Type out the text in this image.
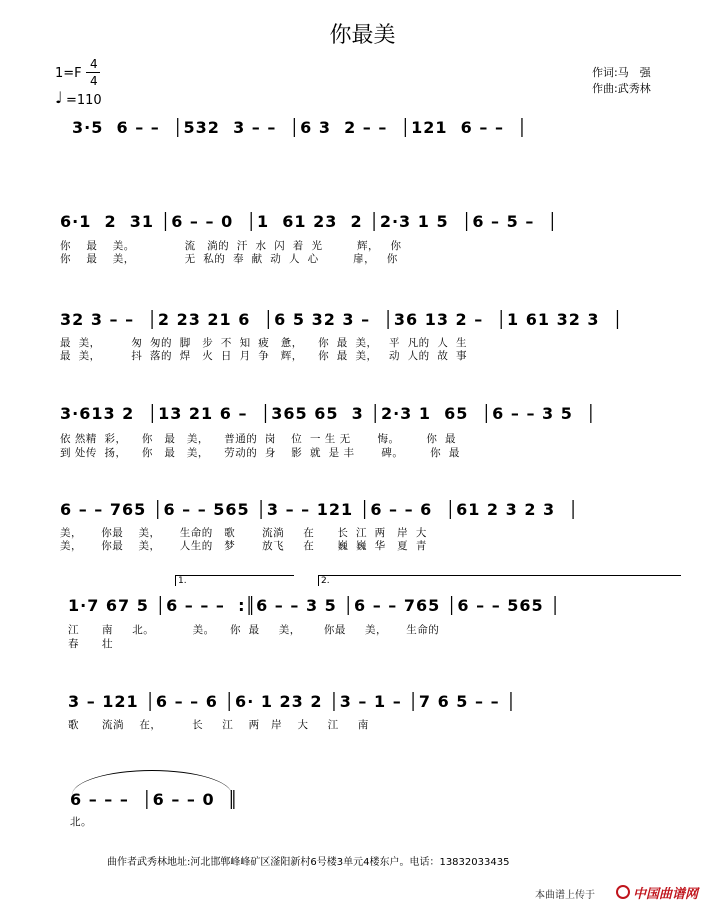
你最美
1=F
4
4
♩ =110
作词:马　强
作曲:武秀林
3·5  6 – –  │532  3 – –  │6 3  2 – –  │121  6 – –  │
6·1  2  31 │6 – – 0  │1  61 23  2 │2·3 1 5  │6 – 5 –  │
你    最    美。             流   淌的  汗  水  闪  着  光         辉，   你
你    最    美，             无  私的  奉  献  动  人  心         扉，   你
32 3 – –  │2 23 21 6  │6 5 32 3 –  │36 13 2 –  │1 61 32 3  │
最  美，        匆  匆的  脚   步  不  知  疲   惫，    你  最  美，   平  凡的  人  生
最  美，        抖  落的  焊   火  日  月  争   辉，    你  最  美，   动  人的  故  事
3·613 2  │13 21 6 –  │365 65  3 │2·3 1  65  │6 – – 3 5  │
依 然精  彩，    你   最   美，    普通的  岗    位  一 生 无       悔。       你  最
到 处传  扬，    你   最   美，    劳动的  身    影  就  是 丰       碑。       你  最
6 – – 765 │6 – – 565 │3 – – 121 │6 – – 6  │61 2 3 2 3  │
美，     你最    美，     生命的   歌       流淌     在      长  江  两   岸  大
美，     你最    美，     人生的   梦       放飞     在      巍  巍  华   夏  青
1.	2.
1·7 67 5 │6 – – –  :║6 – – 3 5 │6 – – 765 │6 – – 565 │
江      南     北。          美。    你  最     美，      你最     美，     生命的
春      壮
3 – 121 │6 – – 6 │6· 1 23 2 │3 – 1 – │7 6 5 – – │
歌      流淌    在，        长     江    两   岸    大     江     南
6 – – –  │6 – – 0  ║
北。
曲作者武秀林地址:河北邯郸峰峰矿区滏阳新村6号楼3单元4楼东户。电话：13832033435
本曲谱上传于	中国曲谱网
